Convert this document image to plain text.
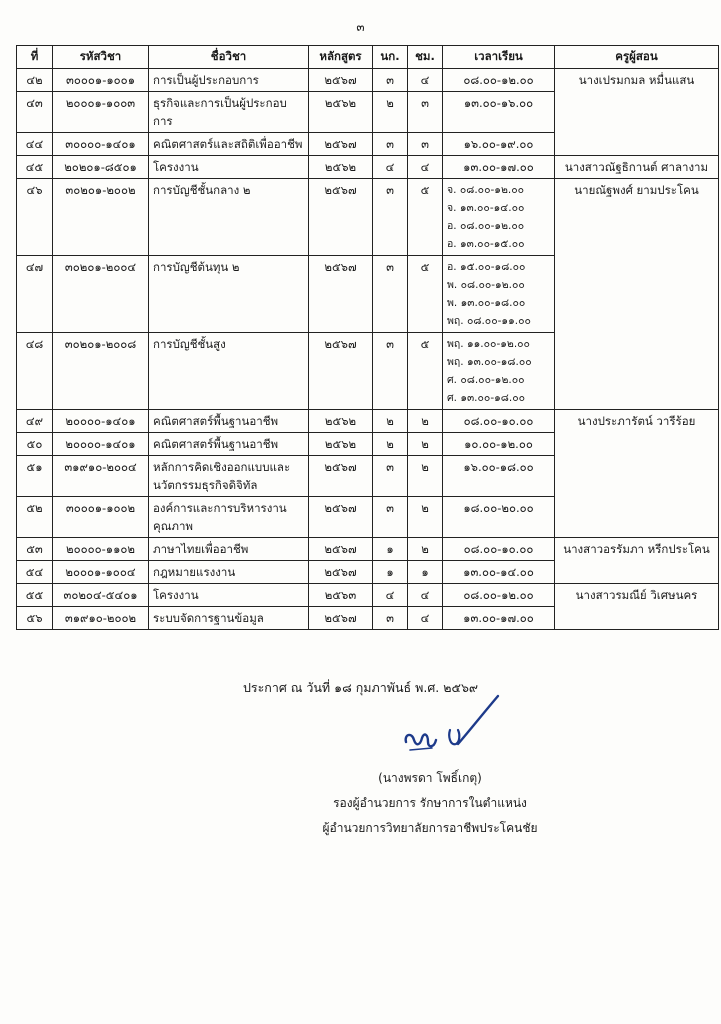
๓
ที่	รหัสวิชา	ชื่อวิชา	หลักสูตร	นก.	ชม.	เวลาเรียน	ครูผู้สอน
๔๒	๓๐๐๐๑-๑๐๐๑	การเป็นผู้ประกอบการ	๒๕๖๗	๓	๔	๐๘.๐๐-๑๒.๐๐	นางเปรมกมล หมื่นแสน
๔๓	๒๐๐๐๑-๑๐๐๓	ธุรกิจและการเป็นผู้ประกอบการ	๒๕๖๒	๒	๓	๑๓.๐๐-๑๖.๐๐	

๔๔	๓๐๐๐๐-๑๔๐๑	คณิตศาสตร์และสถิติเพื่ออาชีพ	๒๕๖๗	๓	๓	๑๖.๐๐-๑๙.๐๐	

๔๕	๒๐๒๐๑-๘๕๐๑	โครงงาน	๒๕๖๒	๔	๔	๑๓.๐๐-๑๗.๐๐	นางสาวณัฐธิกานต์ ศาลางาม
๔๖	๓๐๒๐๑-๒๐๐๒	การบัญชีชั้นกลาง ๒	๒๕๖๗	๓	๕	จ. ๐๘.๐๐-๑๒.๐๐
จ. ๑๓.๐๐-๑๔.๐๐
อ. ๐๘.๐๐-๑๒.๐๐
อ. ๑๓.๐๐-๑๕.๐๐	นายณัฐพงศ์ ยามประโคน
๔๗	๓๐๒๐๑-๒๐๐๔	การบัญชีต้นทุน ๒	๒๕๖๗	๓	๕	อ. ๑๕.๐๐-๑๘.๐๐
พ. ๐๘.๐๐-๑๒.๐๐
พ. ๑๓.๐๐-๑๘.๐๐
พฤ. ๐๘.๐๐-๑๑.๐๐	

๔๘	๓๐๒๐๑-๒๐๐๘	การบัญชีชั้นสูง	๒๕๖๗	๓	๕	พฤ. ๑๑.๐๐-๑๒.๐๐
พฤ. ๑๓.๐๐-๑๘.๐๐
ศ. ๐๘.๐๐-๑๒.๐๐
ศ. ๑๓.๐๐-๑๘.๐๐	

๔๙	๒๐๐๐๐-๑๔๐๑	คณิตศาสตร์พื้นฐานอาชีพ	๒๕๖๒	๒	๒	๐๘.๐๐-๑๐.๐๐	นางประภารัตน์ วารีร้อย
๕๐	๒๐๐๐๐-๑๔๐๑	คณิตศาสตร์พื้นฐานอาชีพ	๒๕๖๒	๒	๒	๑๐.๐๐-๑๒.๐๐	

๕๑	๓๑๙๑๐-๒๐๐๔	หลักการคิดเชิงออกแบบและนวัตกรรมธุรกิจดิจิทัล	๒๕๖๗	๓	๒	๑๖.๐๐-๑๘.๐๐	

๕๒	๓๐๐๐๑-๑๐๐๒	องค์การและการบริหารงานคุณภาพ	๒๕๖๗	๓	๒	๑๘.๐๐-๒๐.๐๐	

๕๓	๒๐๐๐๐-๑๑๐๒	ภาษาไทยเพื่ออาชีพ	๒๕๖๗	๑	๒	๐๘.๐๐-๑๐.๐๐	นางสาวอรรัมภา หรีกประโคน
๕๔	๒๐๐๐๑-๑๐๐๔	กฎหมายแรงงาน	๒๕๖๗	๑	๑	๑๓.๐๐-๑๔.๐๐	

๕๕	๓๐๒๐๔-๕๔๐๑	โครงงาน	๒๕๖๓	๔	๔	๐๘.๐๐-๑๒.๐๐	นางสาวรมณีย์ วิเศษนคร
๕๖	๓๑๙๑๐-๒๐๐๒	ระบบจัดการฐานข้อมูล	๒๕๖๗	๓	๔	๑๓.๐๐-๑๗.๐๐	
ประกาศ ณ วันที่ ๑๘ กุมภาพันธ์ พ.ศ. ๒๕๖๙
(นางพรดา โพธิ์เกตุ)
รองผู้อำนวยการ รักษาการในตำแหน่ง
ผู้อำนวยการวิทยาลัยการอาชีพประโคนชัย
